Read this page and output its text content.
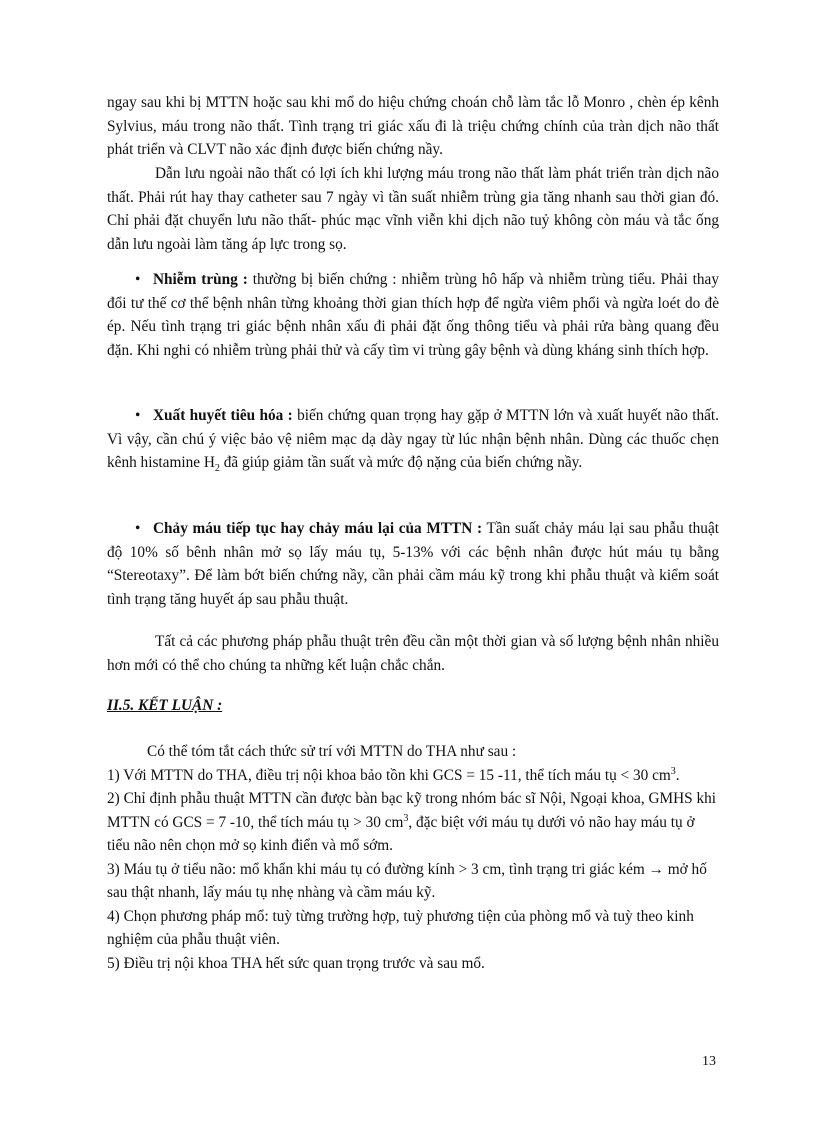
ngay sau khi bị MTTN hoặc sau khi mổ do hiệu chứng choán chỗ làm tắc lỗ Monro , chèn ép kênh Sylvius, máu trong não thất. Tình trạng tri giác xấu đi là triệu chứng chính của tràn dịch não thất phát triển và CLVT não xác định được biến chứng nầy.
Dẫn lưu ngoài não thất có lợi ích khi lượng máu trong não thất làm phát triển tràn dịch não thất. Phải rút hay thay catheter sau 7 ngày vì tần suất nhiễm trùng gia tăng nhanh sau thời gian đó. Chỉ phải đặt chuyển lưu não thất- phúc mạc vĩnh viễn khi dịch não tuỷ không còn máu và tắc ống dẫn lưu ngoài làm tăng áp lực trong sọ.
• Nhiễm trùng : thường bị biến chứng : nhiễm trùng hô hấp và nhiễm trùng tiểu. Phải thay đổi tư thế cơ thể bệnh nhân từng khoảng thời gian thích hợp để ngừa viêm phổi và ngừa loét do đè ép. Nếu tình trạng tri giác bệnh nhân xấu đi phải đặt ống thông tiểu và phải rửa bàng quang đều đặn. Khi nghi có nhiễm trùng phải thử và cấy tìm vi trùng gây bệnh và dùng kháng sinh thích hợp.
• Xuất huyết tiêu hóa : biến chứng quan trọng hay gặp ở MTTN lớn và xuất huyết não thất. Vì vậy, cần chú ý việc bảo vệ niêm mạc dạ dày ngay từ lúc nhận bệnh nhân. Dùng các thuốc chẹn kênh histamine $H_2$ đã giúp giảm tần suất và mức độ nặng của biến chứng nầy.
• Chảy máu tiếp tục hay chảy máu lại của MTTN : Tần suất chảy máu lại sau phẫu thuật độ 10% số bênh nhân mở sọ lấy máu tụ, 5-13% với các bệnh nhân được hút máu tụ bằng “Stereotaxy”. Để làm bớt biến chứng nầy, cần phải cầm máu kỹ trong khi phẫu thuật và kiểm soát tình trạng tăng huyết áp sau phẫu thuật.
Tất cả các phương pháp phẫu thuật trên đều cần một thời gian và số lượng bệnh nhân nhiều hơn mới có thể cho chúng ta những kết luận chắc chắn.
II.5. KẾT LUẬN :
Có thể tóm tắt cách thức sử trí với MTTN do THA như sau :
1) Với MTTN do THA, điều trị nội khoa bảo tồn khi GCS = 15 -11, thể tích máu tụ < 30 $cm^3$.
2) Chỉ định phẫu thuật MTTN cần được bàn bạc kỹ trong nhóm bác sĩ Nội, Ngoại khoa, GMHS khi MTTN có GCS = 7 -10, thể tích máu tụ > 30 $cm^3$, đặc biệt với máu tụ dưới vỏ não hay máu tụ ở tiểu não nên chọn mở sọ kinh điển và mổ sớm.
3) Máu tụ ở tiểu não: mổ khẩn khi máu tụ có đường kính > 3 cm, tình trạng tri giác kém → mở hố sau thật nhanh, lấy máu tụ nhẹ nhàng và cầm máu kỹ.
4) Chọn phương pháp mổ: tuỳ từng trường hợp, tuỳ phương tiện của phòng mổ và tuỳ theo kinh nghiệm của phẫu thuật viên.
5) Điều trị nội khoa THA hết sức quan trọng trước và sau mổ.
13
